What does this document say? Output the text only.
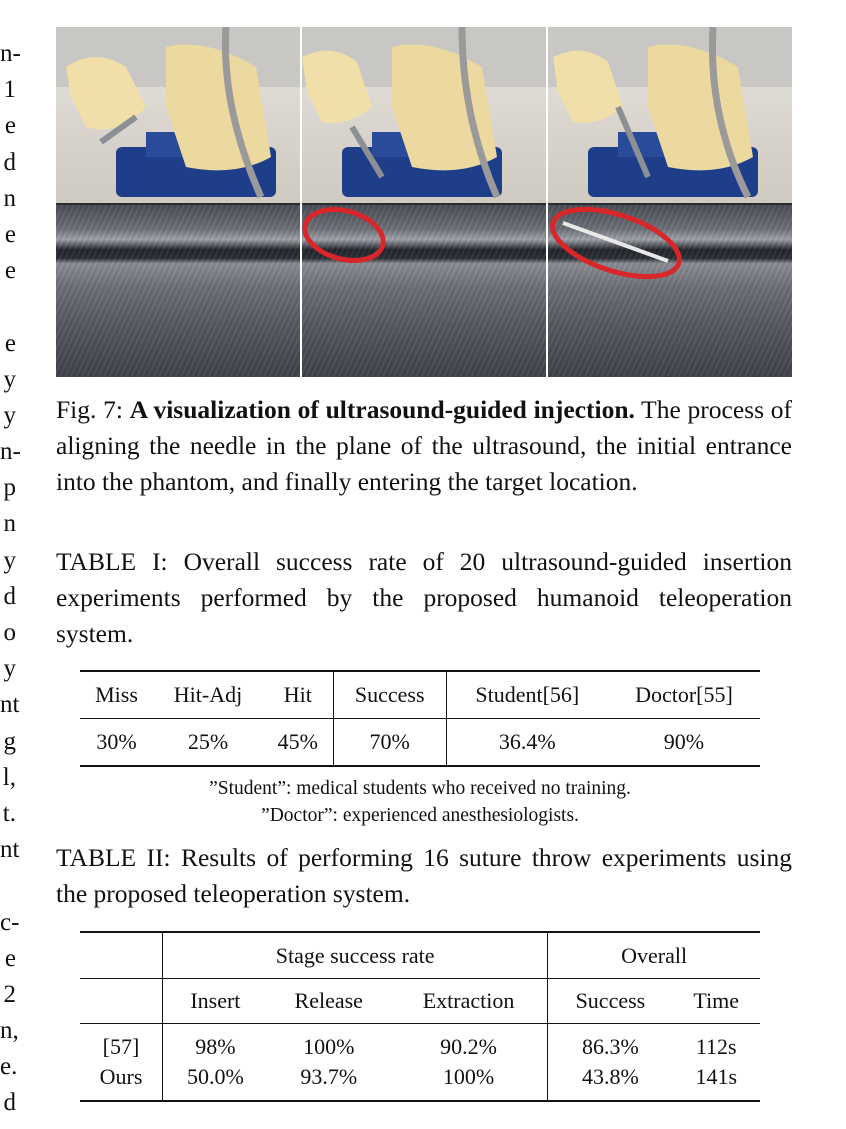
n-
1
e
d
n
e
e
e
y
y
n-
p
n
y
d
o
y
nt
g
l,
t.
nt
c-
e
2
n,
e.
d
Fig. 7: A visualization of ultrasound-guided injection. The process of aligning the needle in the plane of the ultrasound, the initial entrance into the phantom, and finally entering the target location.
TABLE I: Overall success rate of 20 ultrasound-guided insertion experiments performed by the proposed humanoid teleoperation system.
Miss	Hit-Adj	Hit	Success	Student[56]	Doctor[55]
30%	25%	45%	70%	36.4%	90%
”Student”: medical students who received no training.
”Doctor”: experienced anesthesiologists.
TABLE II: Results of performing 16 suture throw experiments using the proposed teleoperation system.
	Stage success rate			Overall	
	Insert	Release	Extraction	Success	Time
[57]	98%	100%	90.2%	86.3%	112s
Ours	50.0%	93.7%	100%	43.8%	141s
